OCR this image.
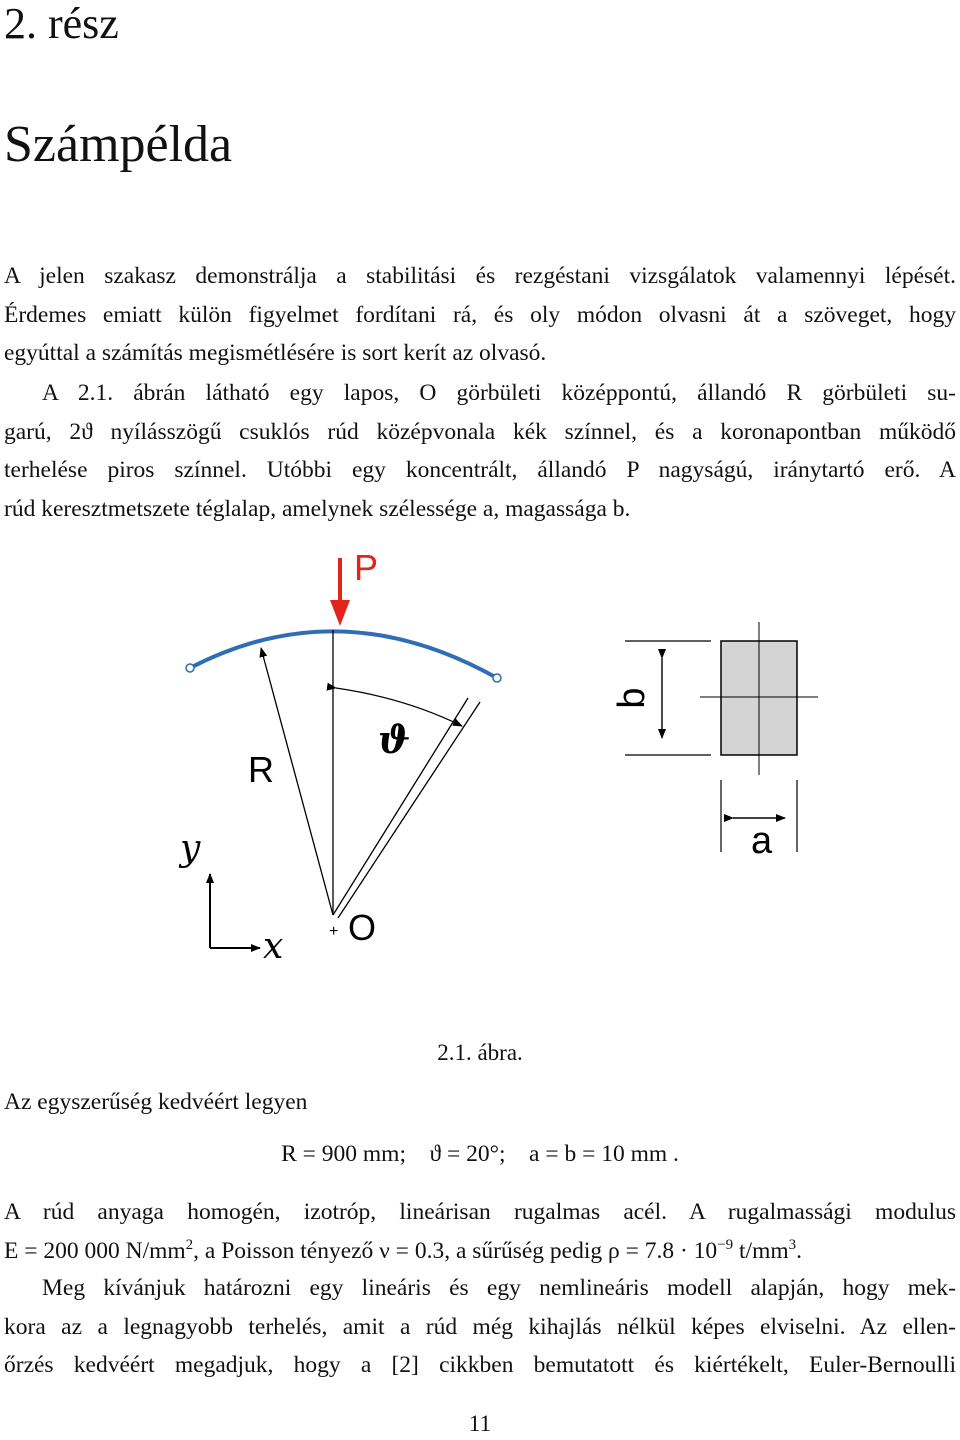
2. rész
Számpélda
A jelen szakasz demonstrálja a stabilitási és rezgéstani vizsgálatok valamennyi lépését.
Érdemes emiatt külön figyelmet fordítani rá, és oly módon olvasni át a szöveget, hogy
egyúttal a számítás megismétlésére is sort kerít az olvasó.
A 2.1. ábrán látható egy lapos, O görbületi középpontú, állandó R görbületi su-
garú, 2ϑ nyílásszögű csuklós rúd középvonala kék színnel, és a koronapontban működő
terhelése piros színnel. Utóbbi egy koncentrált, állandó P nagyságú, iránytartó erő. A
rúd keresztmetszete téglalap, amelynek szélessége a, magassága b.
P
ϑ
R
+ O
y
x
b
a
2.1. ábra.
Az egyszerűség kedvéért legyen
R = 900 mm;    ϑ = 20°;    a = b = 10 mm .
A rúd anyaga homogén, izotróp, lineárisan rugalmas acél. A rugalmassági modulus
E = 200 000 $N/mm^2$, a Poisson tényező ν = 0.3, a sűrűség pedig $\rho = 7.8 \cdot 10^{-9}$ $t/mm^3$.
Meg kívánjuk határozni egy lineáris és egy nemlineáris modell alapján, hogy mek-
kora az a legnagyobb terhelés, amit a rúd még kihajlás nélkül képes elviselni. Az ellen-
őrzés kedvéért megadjuk, hogy a [2] cikkben bemutatott és kiértékelt, Euler-Bernoulli
11
